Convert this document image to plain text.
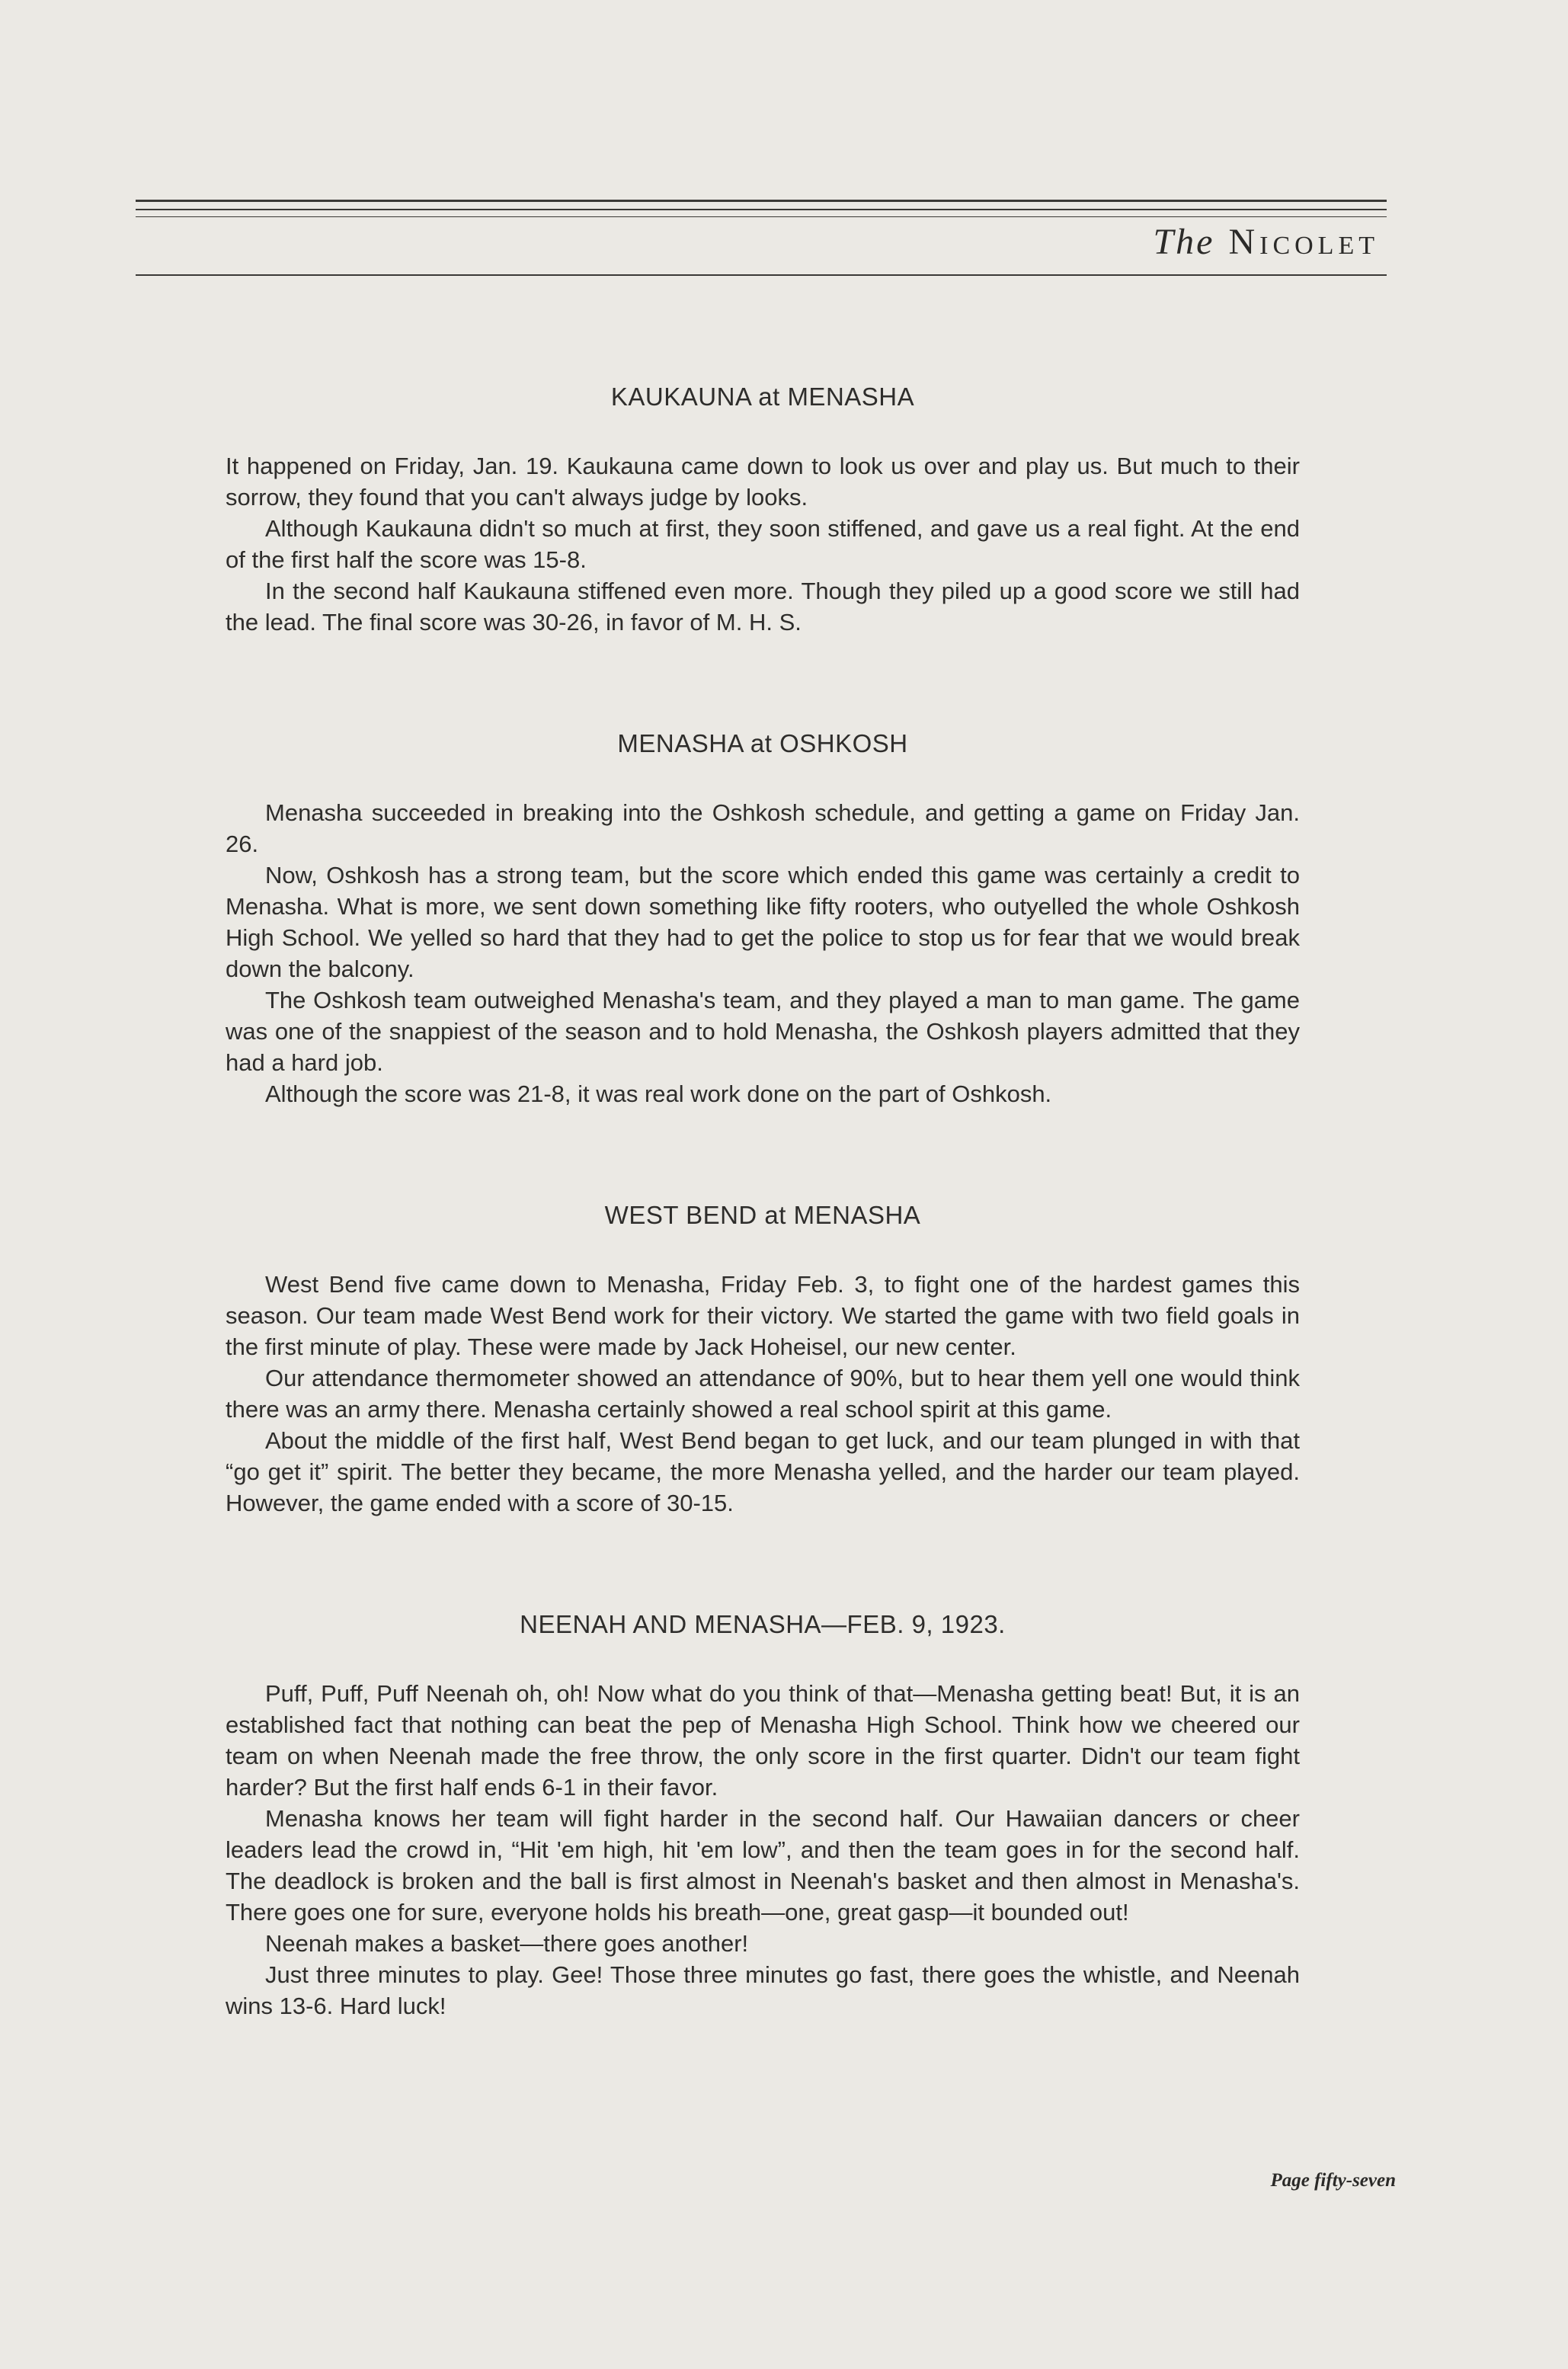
The Nicolet
KAUKAUNA at MENASHA

It happened on Friday, Jan. 19. Kaukauna came down to look us over and play us. But much to their sorrow, they found that you can't always judge by looks.

Although Kaukauna didn't so much at first, they soon stiffened, and gave us a real fight. At the end of the first half the score was 15-8.

In the second half Kaukauna stiffened even more. Though they piled up a good score we still had the lead. The final score was 30-26, in favor of M. H. S.

MENASHA at OSHKOSH

Menasha succeeded in breaking into the Oshkosh schedule, and getting a game on Friday Jan. 26.

Now, Oshkosh has a strong team, but the score which ended this game was certainly a credit to Menasha. What is more, we sent down something like fifty rooters, who outyelled the whole Oshkosh High School. We yelled so hard that they had to get the police to stop us for fear that we would break down the balcony.

The Oshkosh team outweighed Menasha's team, and they played a man to man game. The game was one of the snappiest of the season and to hold Menasha, the Oshkosh players admitted that they had a hard job.

Although the score was 21-8, it was real work done on the part of Oshkosh.

WEST BEND at MENASHA

West Bend five came down to Menasha, Friday Feb. 3, to fight one of the hardest games this season. Our team made West Bend work for their victory. We started the game with two field goals in the first minute of play. These were made by Jack Hoheisel, our new center.

Our attendance thermometer showed an attendance of 90%, but to hear them yell one would think there was an army there. Menasha certainly showed a real school spirit at this game.

About the middle of the first half, West Bend began to get luck, and our team plunged in with that “go get it” spirit. The better they became, the more Menasha yelled, and the harder our team played. However, the game ended with a score of 30-15.

NEENAH AND MENASHA—FEB. 9, 1923.

Puff, Puff, Puff Neenah oh, oh! Now what do you think of that—Menasha getting beat! But, it is an established fact that nothing can beat the pep of Menasha High School. Think how we cheered our team on when Neenah made the free throw, the only score in the first quarter. Didn't our team fight harder? But the first half ends 6-1 in their favor.

Menasha knows her team will fight harder in the second half. Our Hawaiian dancers or cheer leaders lead the crowd in, “Hit 'em high, hit 'em low”, and then the team goes in for the second half. The deadlock is broken and the ball is first almost in Neenah's basket and then almost in Menasha's. There goes one for sure, everyone holds his breath—one, great gasp—it bounded out!

Neenah makes a basket—there goes another!

Just three minutes to play. Gee! Those three minutes go fast, there goes the whistle, and Neenah wins 13-6. Hard luck!

Page fifty-seven
